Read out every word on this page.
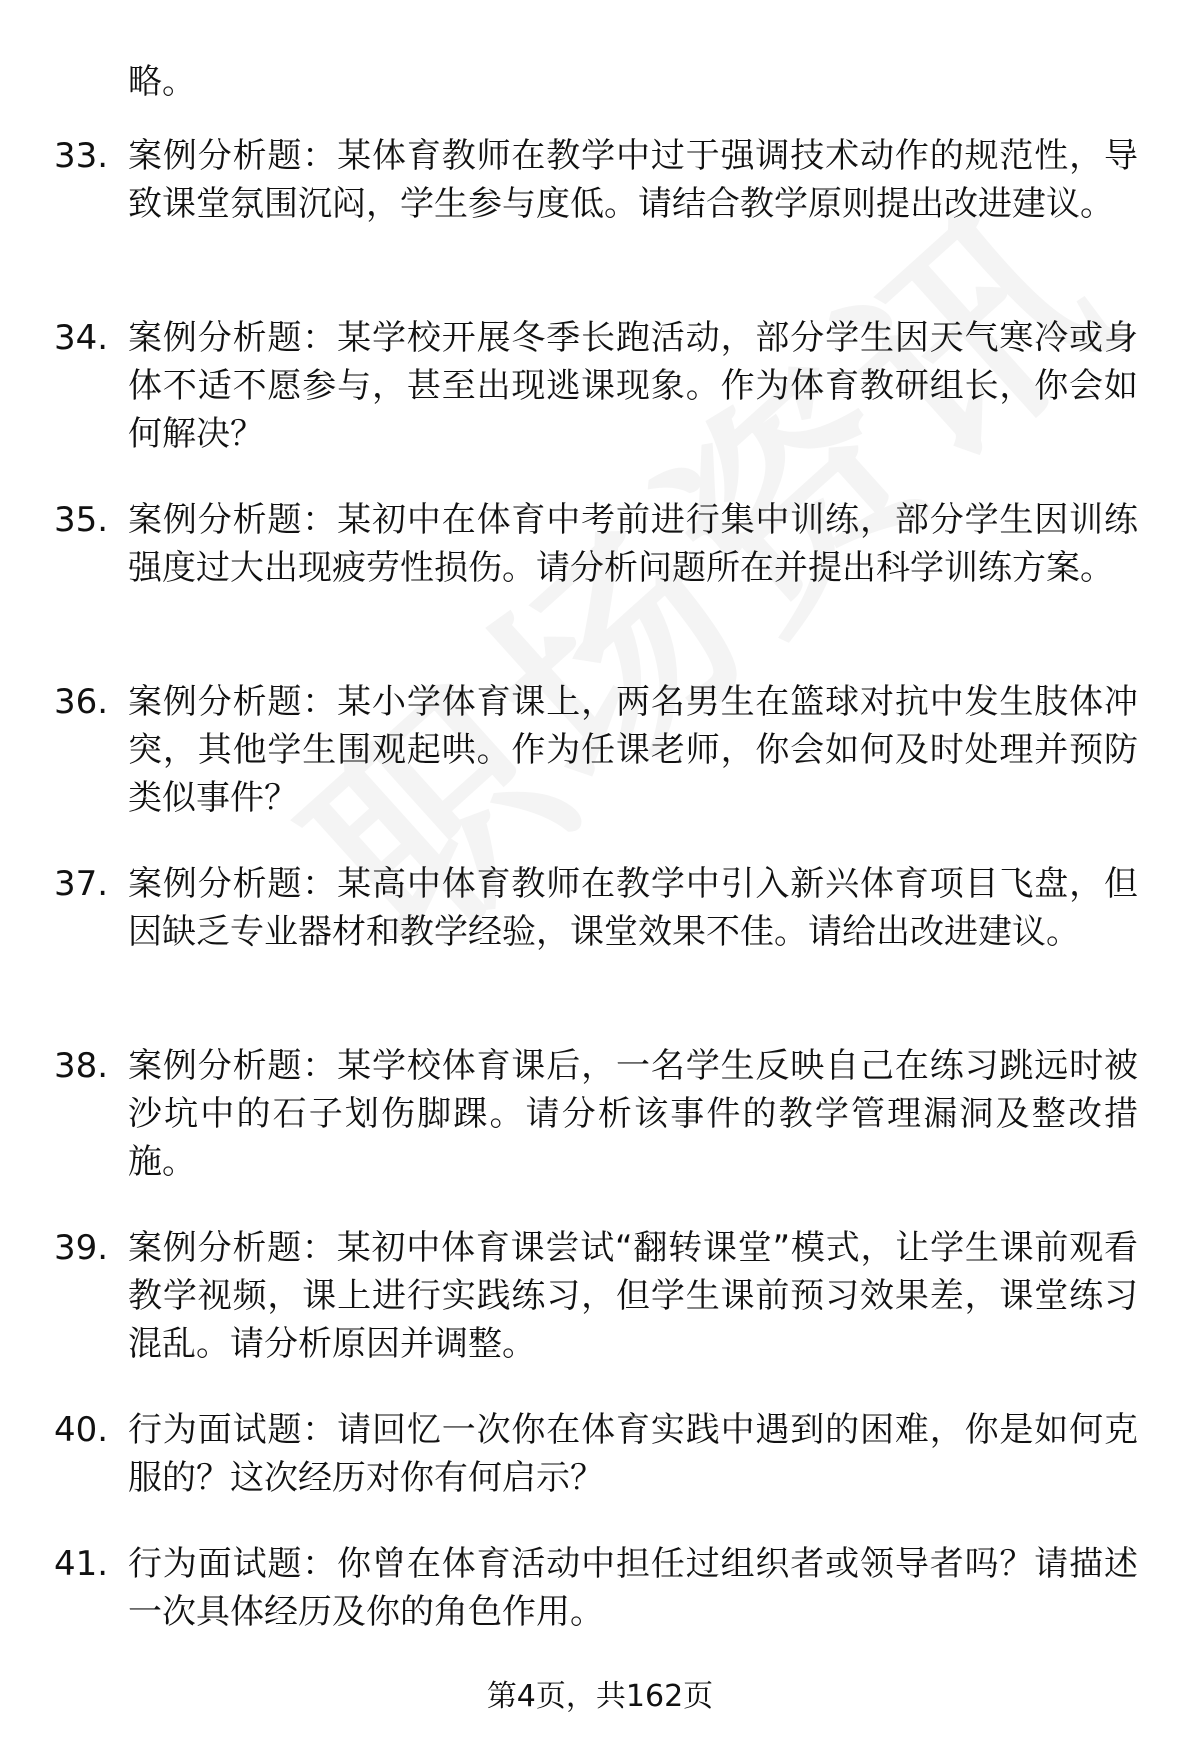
略。
33. 案例分析题：某体育教师在教学中过于强调技术动作的规范性，导致课堂氛围沉闷，学生参与度低。请结合教学原则提出改进建议。
34. 案例分析题：某学校开展冬季长跑活动，部分学生因天气寒冷或身体不适不愿参与，甚至出现逃课现象。作为体育教研组长，你会如何解决？
35. 案例分析题：某初中在体育中考前进行集中训练，部分学生因训练强度过大出现疲劳性损伤。请分析问题所在并提出科学训练方案。
36. 案例分析题：某小学体育课上，两名男生在篮球对抗中发生肢体冲突，其他学生围观起哄。作为任课老师，你会如何及时处理并预防类似事件？
37. 案例分析题：某高中体育教师在教学中引入新兴体育项目飞盘，但因缺乏专业器材和教学经验，课堂效果不佳。请给出改进建议。
38. 案例分析题：某学校体育课后，一名学生反映自己在练习跳远时被沙坑中的石子划伤脚踝。请分析该事件的教学管理漏洞及整改措施。
39. 案例分析题：某初中体育课尝试“翻转课堂”模式，让学生课前观看教学视频，课上进行实践练习，但学生课前预习效果差，课堂练习混乱。请分析原因并调整。
40. 行为面试题：请回忆一次你在体育实践中遇到的困难，你是如何克服的？这次经历对你有何启示？
41. 行为面试题：你曾在体育活动中担任过组织者或领导者吗？请描述一次具体经历及你的角色作用。
第4页，共162页
